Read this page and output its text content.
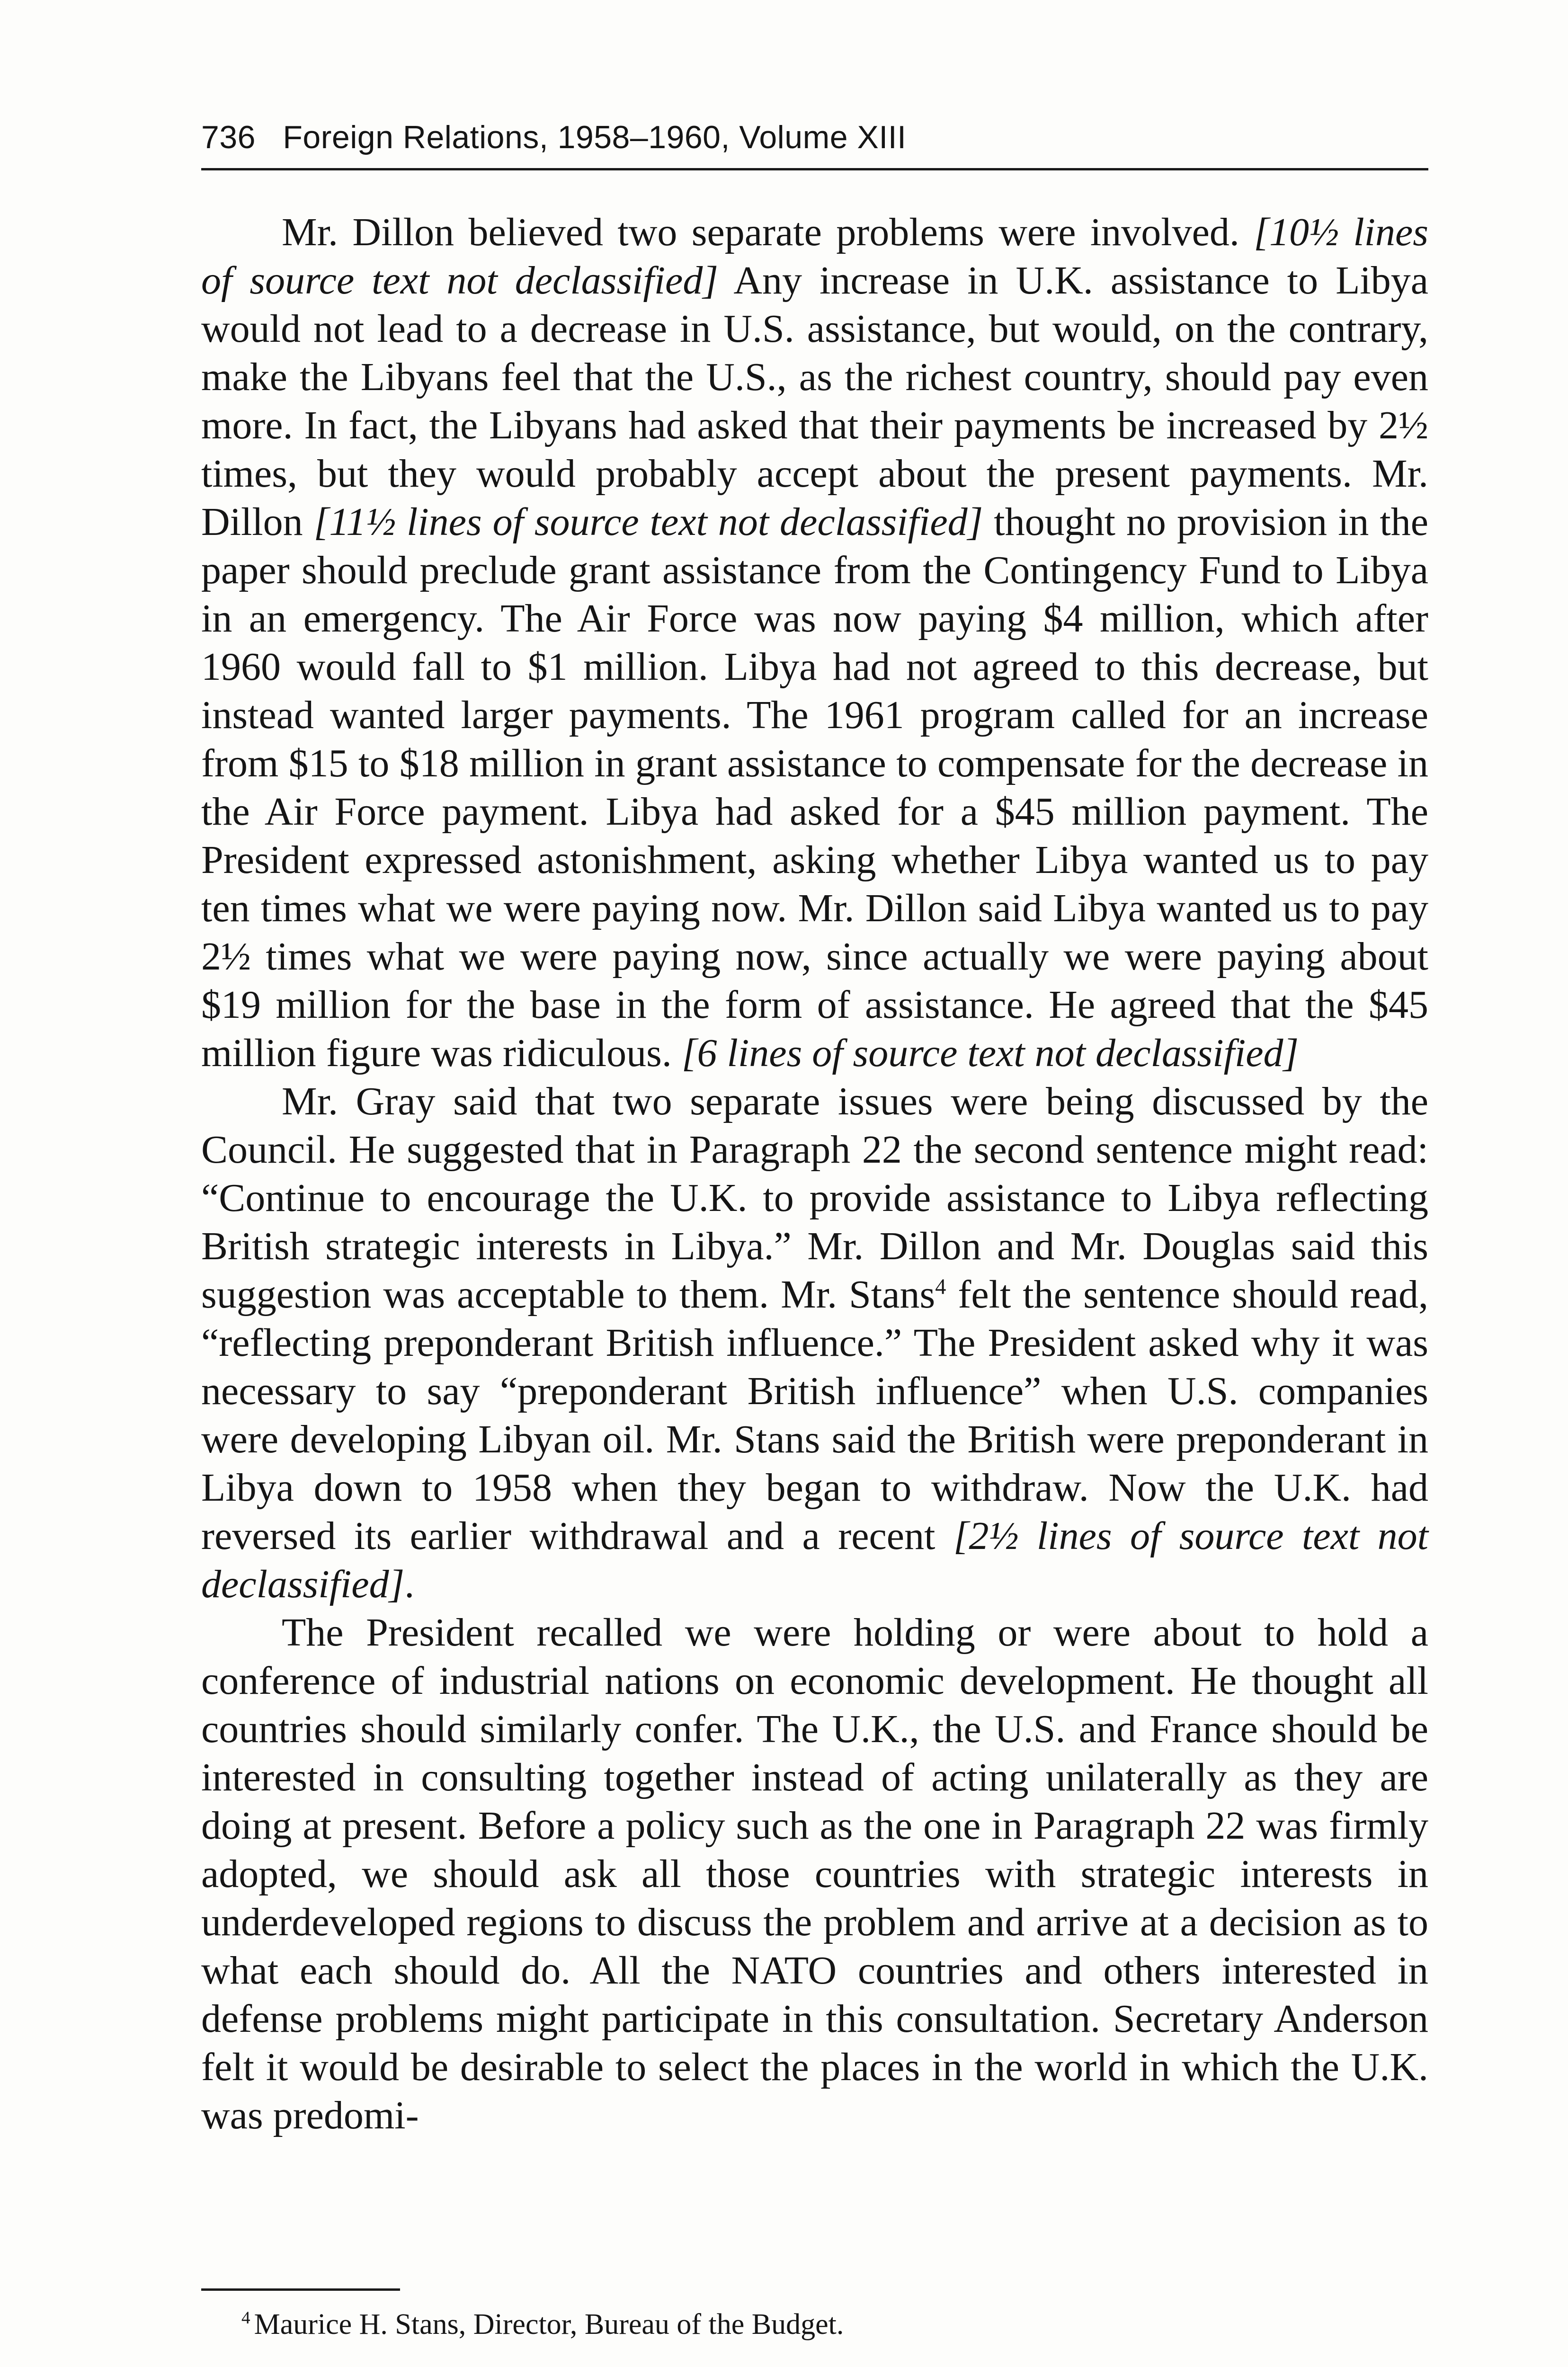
736 Foreign Relations, 1958–1960, Volume XIII

Mr. Dillon believed two separate problems were involved. [10½ lines of source text not declassified] Any increase in U.K. assistance to Libya would not lead to a decrease in U.S. assistance, but would, on the contrary, make the Libyans feel that the U.S., as the richest country, should pay even more. In fact, the Libyans had asked that their payments be increased by 2½ times, but they would probably accept about the present payments. Mr. Dillon [11½ lines of source text not declassified] thought no provision in the paper should preclude grant assistance from the Contingency Fund to Libya in an emergency. The Air Force was now paying $4 million, which after 1960 would fall to $1 million. Libya had not agreed to this decrease, but instead wanted larger payments. The 1961 program called for an increase from $15 to $18 million in grant assistance to compensate for the decrease in the Air Force payment. Libya had asked for a $45 million payment. The President expressed astonishment, asking whether Libya wanted us to pay ten times what we were paying now. Mr. Dillon said Libya wanted us to pay 2½ times what we were paying now, since actually we were paying about $19 million for the base in the form of assistance. He agreed that the $45 million figure was ridiculous. [6 lines of source text not declassified]

Mr. Gray said that two separate issues were being discussed by the Council. He suggested that in Paragraph 22 the second sentence might read: “Continue to encourage the U.K. to provide assistance to Libya reflecting British strategic interests in Libya.” Mr. Dillon and Mr. Douglas said this suggestion was acceptable to them. Mr. Stans$^4$ felt the sentence should read, “reflecting preponderant British influence.” The President asked why it was necessary to say “preponderant British influence” when U.S. companies were developing Libyan oil. Mr. Stans said the British were preponderant in Libya down to 1958 when they began to withdraw. Now the U.K. had reversed its earlier withdrawal and a recent [2½ lines of source text not declassified].

The President recalled we were holding or were about to hold a conference of industrial nations on economic development. He thought all countries should similarly confer. The U.K., the U.S. and France should be interested in consulting together instead of acting unilaterally as they are doing at present. Before a policy such as the one in Paragraph 22 was firmly adopted, we should ask all those countries with strategic interests in underdeveloped regions to discuss the problem and arrive at a decision as to what each should do. All the NATO countries and others interested in defense problems might participate in this consultation. Secretary Anderson felt it would be desirable to select the places in the world in which the U.K. was predomi-

$^4$ Maurice H. Stans, Director, Bureau of the Budget.
